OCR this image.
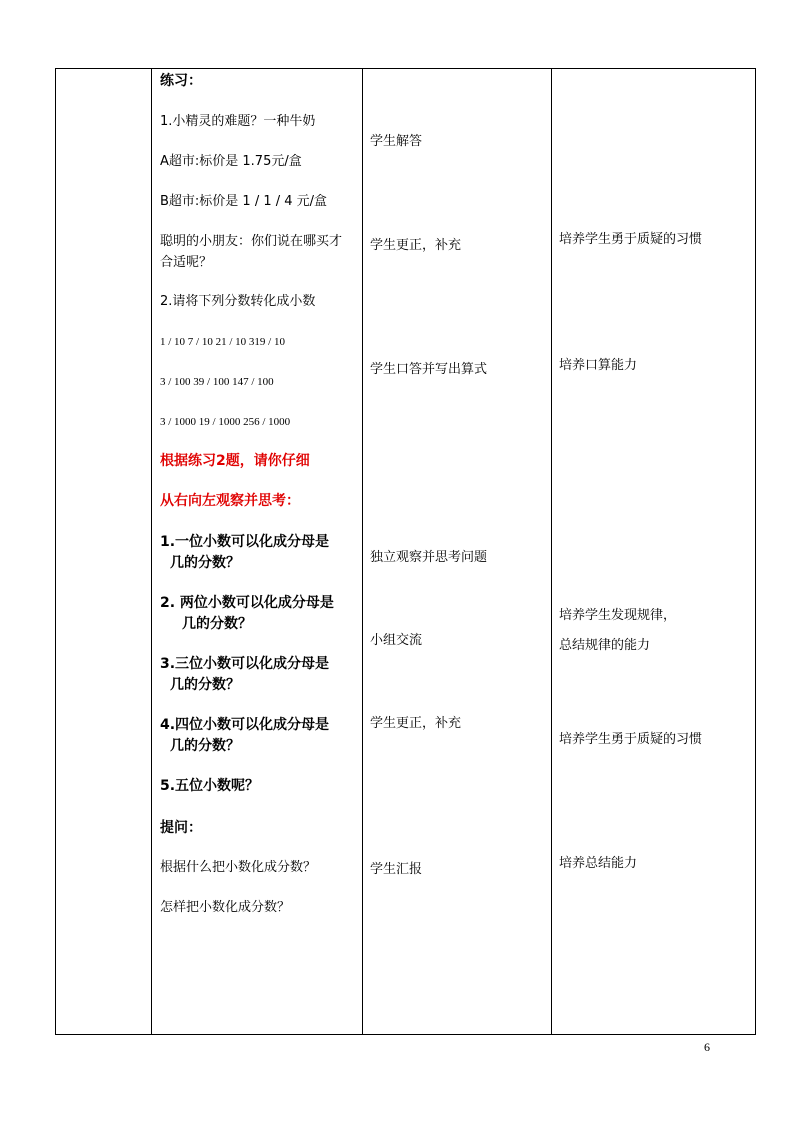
练习：
1.小精灵的难题？一种牛奶
A超市:标价是 1.75元/盒
B超市:标价是 1 / 1 / 4 元/盒
聪明的小朋友：你们说在哪买才
合适呢？
2.请将下列分数转化成小数
1 / 10 7 / 10 21 / 10 319 / 10
3 / 100 39 / 100 147 / 100
3 / 1000 19 / 1000 256 / 1000
根据练习2题，请你仔细
从右向左观察并思考：
1.一位小数可以化成分母是
几的分数？
2. 两位小数可以化成分母是
几的分数？
3.三位小数可以化成分母是
几的分数？
4.四位小数可以化成分母是
几的分数？
5.五位小数呢？
提问：
根据什么把小数化成分数？
怎样把小数化成分数？
学生解答
学生更正，补充
学生口答并写出算式
独立观察并思考问题
小组交流
学生更正，补充
学生汇报
培养学生勇于质疑的习惯
培养口算能力
培养学生发现规律，
总结规律的能力
培养学生勇于质疑的习惯
培养总结能力
6
